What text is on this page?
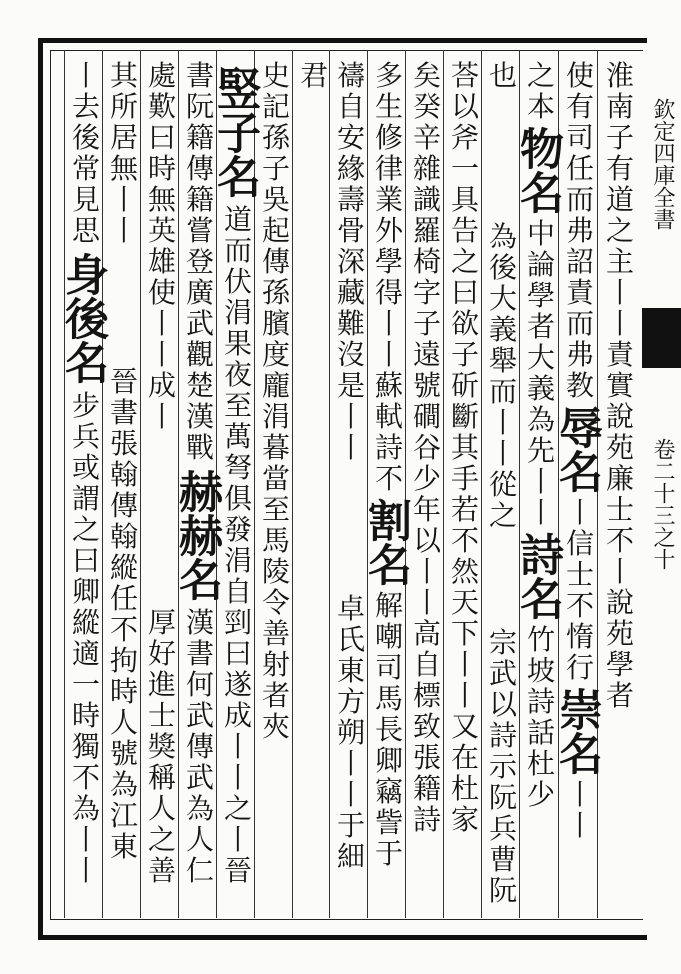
欽定四庫全書
卷二十三之十
淮
南
子
有
道
之
主
丨
丨
責
實
說
苑
廉
士
不
丨
說
苑
學
者
使
有
司
任
而
弗
詔
責
而
弗
教
辱名
丨
信
士
不
惰
行
崇名
丨
丨
之
本
物名
中
論
學
者
大
義
為
先
丨
丨
詩名
竹
坡
詩
話
杜
少
也
為
後
大
義
舉
而
丨
丨
從
之
宗
武
以
詩
示
阮
兵
曹
阮
荅
以
斧
一
具
告
之
曰
欲
子
斫
斷
其
手
若
不
然
天
下
丨
丨
又
在
杜
家
矣
癸
辛
雜
識
羅
椅
字
子
遠
號
磵
谷
少
年
以
丨
丨
高
自
標
致
張
籍
詩
多
生
修
律
業
外
學
得
丨
丨
蘇
軾
詩
不
割名
解
嘲
司
馬
長
卿
竊
訾
于
禱
自
安
緣
壽
骨
深
藏
難
沒
是
丨
丨
卓
氏
東
方
朔
丨
丨
于
細
君
竪子名
道
而
伏
涓
果
夜
至
萬
弩
俱
發
涓
自
剄
曰
遂
成
丨
丨
之
丨
晉
史
記
孫
子
吳
起
傳
孫
臏
度
龐
涓
暮
當
至
馬
陵
令
善
射
者
夾
書
阮
籍
傳
籍
嘗
登
廣
武
觀
楚
漢
戰
赫赫名
漢
書
何
武
傳
武
為
人
仁
處
歎
曰
時
無
英
雄
使
丨
丨
成
丨
厚
好
進
士
獎
稱
人
之
善
其
所
居
無
丨
丨
晉
書
張
翰
傳
翰
縱
任
不
拘
時
人
號
為
江
東
丨
去
後
常
見
思
身後名
步
兵
或
謂
之
曰
卿
縱
適
一
時
獨
不
為
丨
丨
